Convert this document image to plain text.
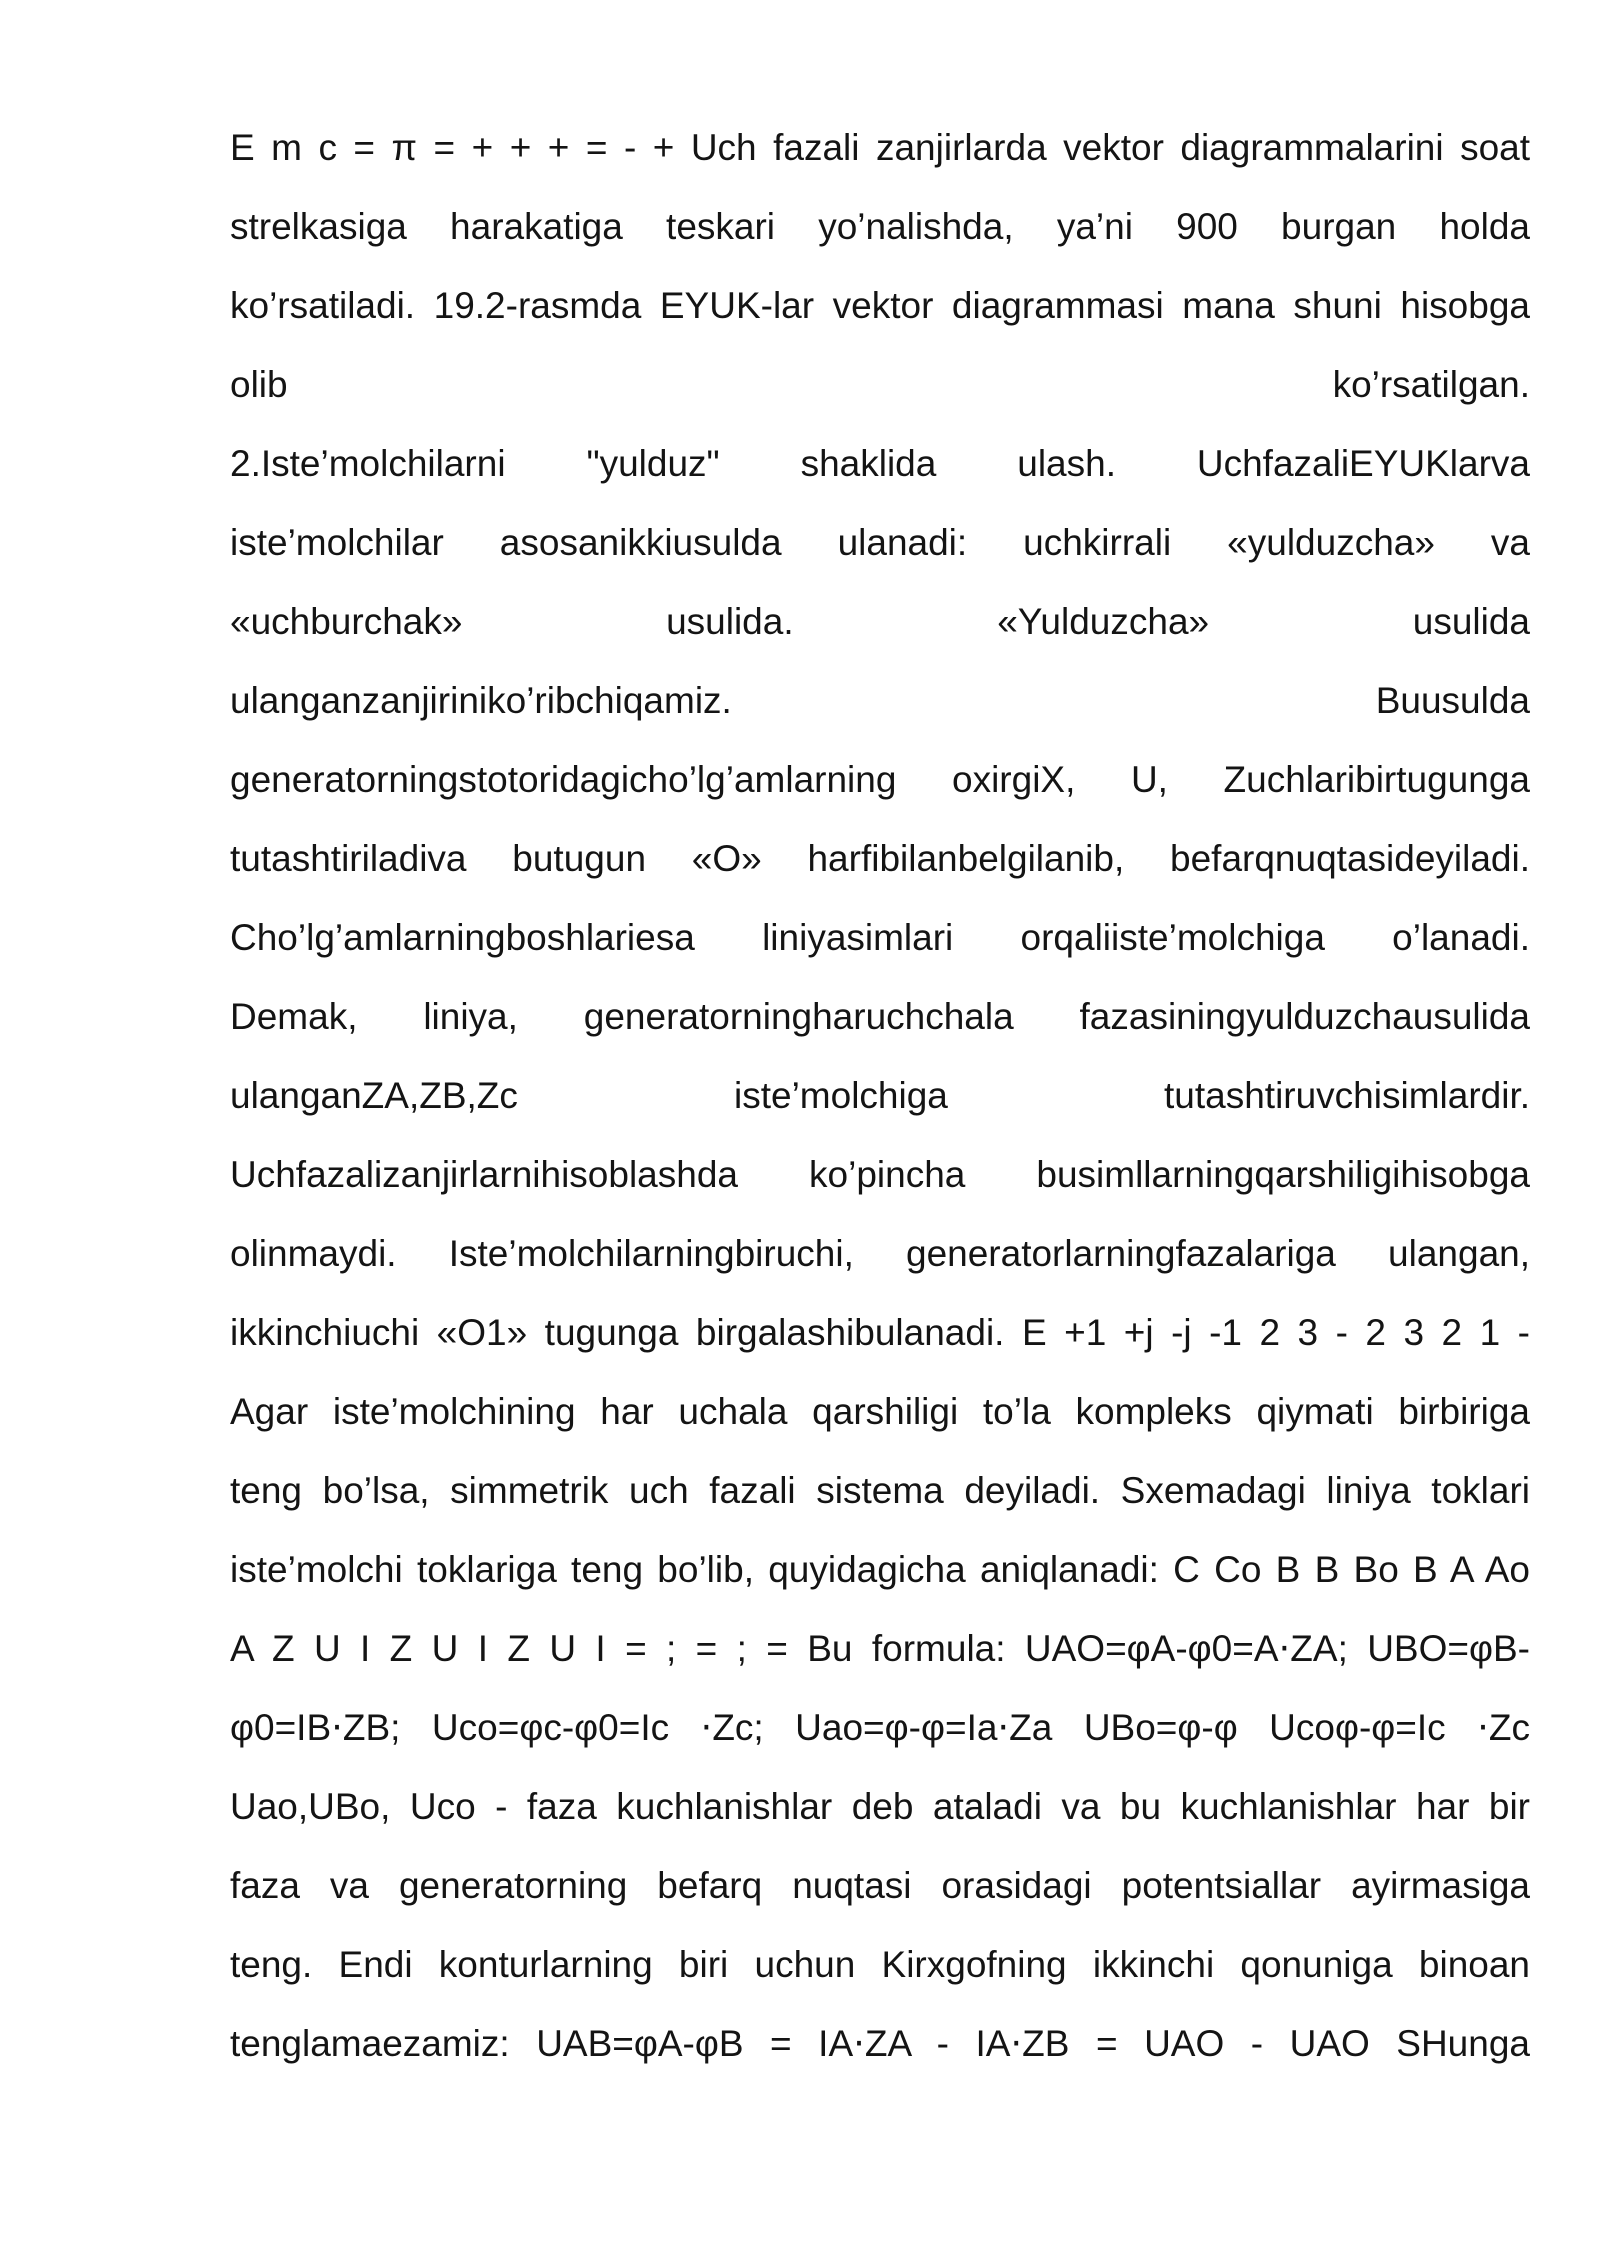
E m c = π = + + + = - + Uch fazali zanjirlarda vektor diagrammalarini soat
strelkasiga harakatiga teskari yo’nalishda, ya’ni 900 burgan holda
ko’rsatiladi. 19.2-rasmda EYUK-lar vektor diagrammasi mana shuni hisobga
olib ko’rsatilgan.
2.Iste’molchilarni "yulduz" shaklida ulash. UchfazaliEYUKlarva
iste’molchilar asosanikkiusulda ulanadi: uchkirrali «yulduzcha» va
«uchburchak» usulida. «Yulduzcha» usulida
ulanganzanjiriniko’ribchiqamiz. Buusulda
generatorningstotoridagicho’lg’amlarning oxirgiX, U, Zuchlaribirtugunga
tutashtiriladiva butugun «O» harfibilanbelgilanib, befarqnuqtasideyiladi.
Cho’lg’amlarningboshlariesa liniyasimlari orqaliiste’molchiga o’lanadi.
Demak, liniya, generatorningharuchchala fazasiningyulduzchausulida
ulanganZA,ZB,Zc iste’molchiga tutashtiruvchisimlardir.
Uchfazalizanjirlarnihisoblashda ko’pincha busimllarningqarshiligihisobga
olinmaydi. Iste’molchilarningbiruchi, generatorlarningfazalariga ulangan,
ikkinchiuchi «O1» tugunga birgalashibulanadi. E +1 +j -j -1 2 3 - 2 3 2 1 -
Agar iste’molchining har uchala qarshiligi to’la kompleks qiymati birbiriga
teng bo’lsa, simmetrik uch fazali sistema deyiladi. Sxemadagi liniya toklari
iste’molchi toklariga teng bo’lib, quyidagicha aniqlanadi: C Co B B Bo B A Ao
A Z U I Z U I Z U I = ; = ; = Bu formula: UAO=φA-φ0=A⋅ZA; UBO=φB-
φ0=IB⋅ZB; Uco=φc-φ0=Ic ⋅Zc; Uao=φ-φ=Ia⋅Za UBo=φ-φ Ucoφ-φ=Ic ⋅Zc
Uao,UBo, Uco - faza kuchlanishlar deb ataladi va bu kuchlanishlar har bir
faza va generatorning befarq nuqtasi orasidagi potentsiallar ayirmasiga
teng. Endi konturlarning biri uchun Kirxgofning ikkinchi qonuniga binoan
tenglamaezamiz: UAB=φA-φB = IA⋅ZA - IA⋅ZB = UAO - UAO SHunga
